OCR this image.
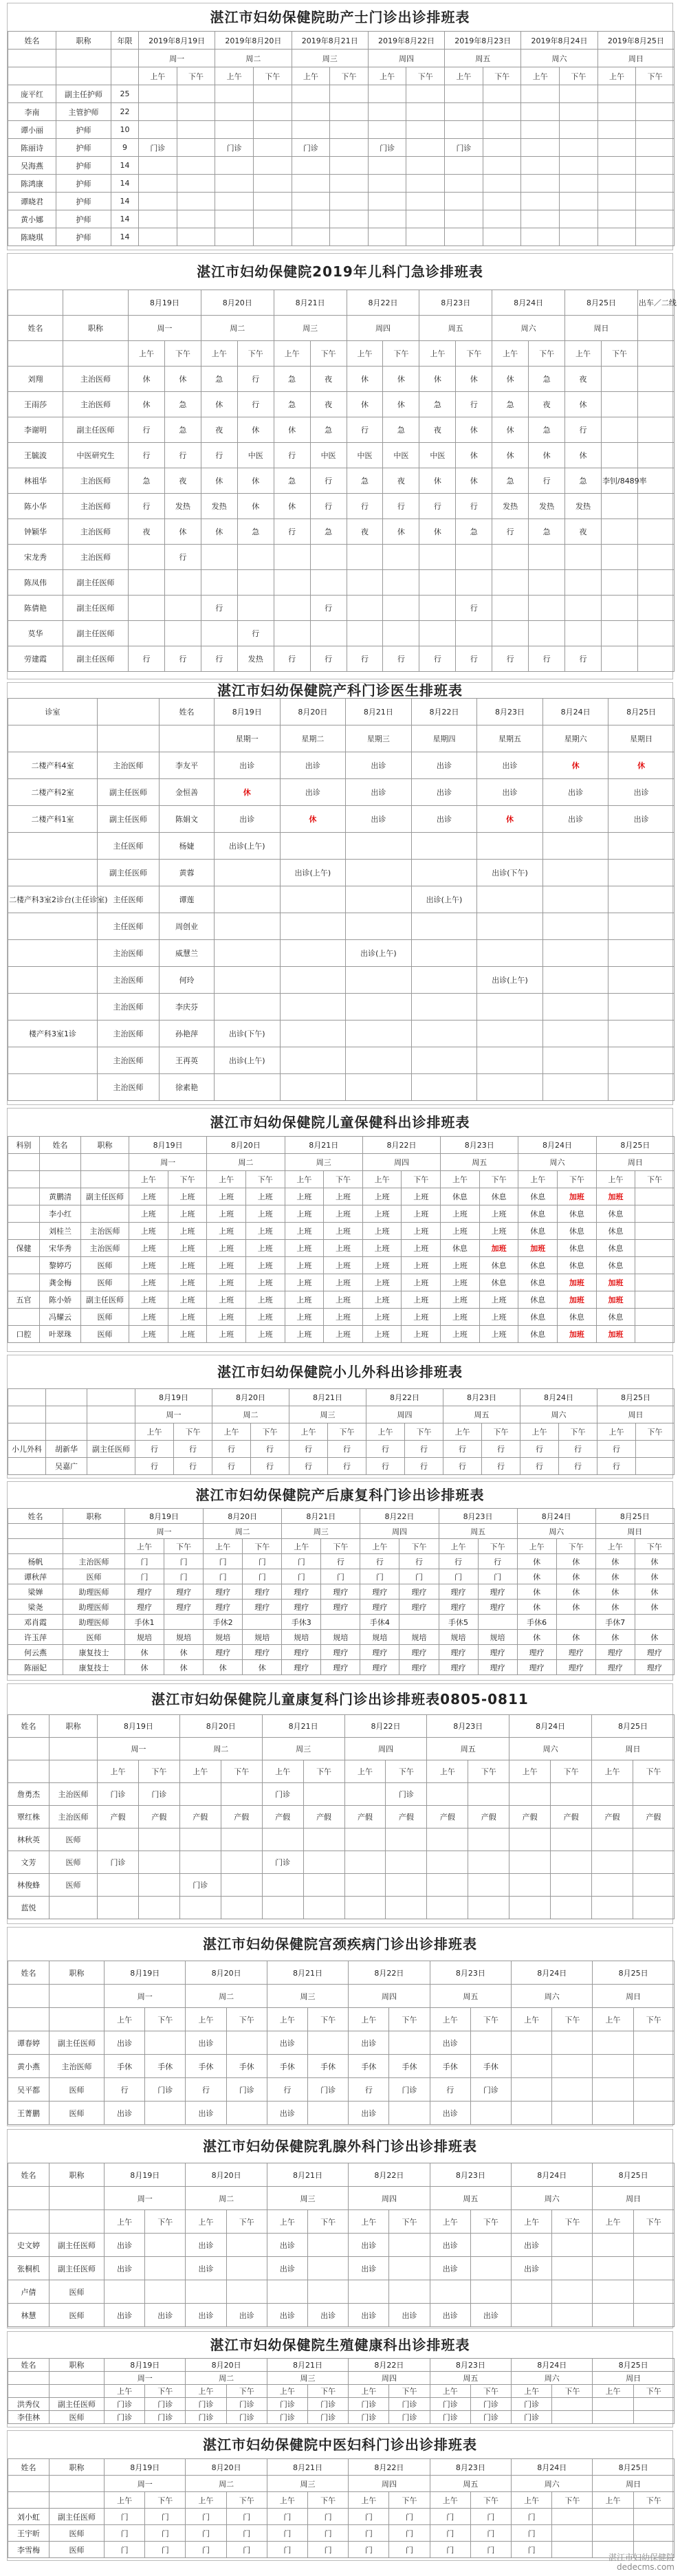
湛江市妇幼保健院助产士门诊出诊排班表
姓名	职称	年限	2019年8月19日		2019年8月20日		2019年8月21日		2019年8月22日		2019年8月23日		2019年8月24日		2019年8月25日	
			周一		周二		周三		周四		周五		周六		周日	
			上午	下午	上午	下午	上午	下午	上午	下午	上午	下午	上午	下午	上午	下午
庞平红	副主任护师	25														
李南	主管护师	22														
谭小丽	护师	10														
陈丽诗	护师	9	门诊		门诊		门诊		门诊		门诊					
吴海燕	护师	14														
陈鸿康	护师	14														
谭晓君	护师	14														
黄小娜	护师	14														
陈晓琪	护师	14														
湛江市妇幼保健院2019年儿科门急诊排班表
		8月19日		8月20日		8月21日		8月22日		8月23日		8月24日		8月25日		出车／二线
姓名	职称	周一		周二		周三		周四		周五		周六		周日		
		上午	下午	上午	下午	上午	下午	上午	下午	上午	下午	上午	下午	上午	下午	
刘翔	主治医师	休	休	急	行	急	夜	休	休	休	休	休	急	夜		
王雨莎	主治医师	休	急	休	行	急	夜	休	休	急	行	急	夜	休		
李谢明	副主任医师	行	急	夜	休	休	急	行	急	夜	休	休	急	行		
王毓波	中医研究生	行	行	行	中医	行	中医	中医	中医	中医	休	休	休	休		
林祖华	主治医师	急	夜	休	休	急	行	急	夜	休	休	急	行	急	李钊/8489率	
陈小华	主治医师	行	发热	发热	休	休	行	行	行	行	行	发热	发热	发热		
钟颖华	主治医师	夜	休	休	急	行	急	夜	休	休	急	行	急	夜		
宋龙秀	主治医师		行													
陈凤伟	副主任医师															
陈倩艳	副主任医师			行			行				行					
莫华	副主任医师				行											
劳建霞	副主任医师	行	行	行	发热	行	行	行	行	行	行	行	行	行		
湛江市妇幼保健院产科门诊医生排班表
诊室		姓名	8月19日	8月20日	8月21日	8月22日	8月23日	8月24日	8月25日
			星期一	星期二	星期三	星期四	星期五	星期六	星期日
二楼产科4室	主治医师	李友平	出诊	出诊	出诊	出诊	出诊	休	休
二楼产科2室	副主任医师	金恒善	休	出诊	出诊	出诊	出诊	出诊	出诊
二楼产科1室	副主任医师	陈娟文	出诊	休	出诊	出诊	休	出诊	出诊
	主任医师	杨婕	出诊(上午)						
	副主任医师	黄蓉		出诊(上午)			出诊(下午)		
二楼产科3室2诊台(主任诊室)	主任医师	谭莲				出诊(上午)			
	主任医师	周创业							
	主治医师	威慧兰			出诊(上午)				
	主治医师	何玲					出诊(上午)		
	主治医师	李庆芬							
楼产科3室1诊	主治医师	孙艳萍	出诊(下午)						
	主治医师	王再英	出诊(上午)						
	主治医师	徐素艳							
湛江市妇幼保健院儿童保健科出诊排班表
科别	姓名	职称	8月19日		8月20日		8月21日		8月22日		8月23日		8月24日		8月25日	
			周一		周二		周三		周四		周五		周六		周日	
			上午	下午	上午	下午	上午	下午	上午	下午	上午	下午	上午	下午	上午	下午
	黄鹏清	副主任医师	上班	上班	上班	上班	上班	上班	上班	上班	休息	休息	休息	加班	加班	
	李小红		上班	上班	上班	上班	上班	上班	上班	上班	上班	上班	休息	休息	休息	
	刘桂兰	主治医师	上班	上班	上班	上班	上班	上班	上班	上班	上班	上班	休息	休息	休息	
保健	宋华秀	主治医师	上班	上班	上班	上班	上班	上班	上班	上班	休息	加班	加班	休息	休息	
	黎婷巧	医师	上班	上班	上班	上班	上班	上班	上班	上班	上班	休息	休息	休息	休息	
	龚金梅	医师	上班	上班	上班	上班	上班	上班	上班	上班	上班	休息	休息	加班	加班	
五官	陈小娇	副主任医师	上班	上班	上班	上班	上班	上班	上班	上班	上班	上班	休息	加班	加班	
	冯耀云	医师	上班	上班	上班	上班	上班	上班	上班	上班	上班	上班	休息	休息	休息	
口腔	叶翠珠	医师	上班	上班	上班	上班	上班	上班	上班	上班	上班	上班	休息	加班	加班	
湛江市妇幼保健院小儿外科出诊排班表
			8月19日		8月20日		8月21日		8月22日		8月23日		8月24日		8月25日	
			周一		周二		周三		周四		周五		周六		周日	
			上午	下午	上午	下午	上午	下午	上午	下午	上午	下午	上午	下午	上午	下午
小儿外科	胡新华	副主任医师	行	行	行	行	行	行	行	行	行	行	行	行	行	
	吴嘉广		行	行	行	行	行	行	行	行	行	行	行	行	行	
湛江市妇幼保健院产后康复科门诊出诊排班表
姓名	职称	8月19日		8月20日		8月21日		8月22日		8月23日		8月24日		8月25日	
		周一		周二		周三		周四		周五		周六		周日	
		上午	下午	上午	下午	上午	下午	上午	下午	上午	下午	上午	下午	上午	下午
杨帆	主治医师	门	门	门	门	门	行	行	行	行	行	休	休	休	休
谭秋萍	医师	门	门	门	门	门	门	门	门	门	门	休	休	休	休
梁婵	助理医师	理疗	理疗	理疗	理疗	理疗	理疗	理疗	理疗	理疗	理疗	休	休	休	休
梁尧	助理医师	理疗	理疗	理疗	理疗	理疗	理疗	理疗	理疗	理疗	理疗	休	休	休	休
邓肖霞	助理医师	手休1		手休2		手休3		手休4		手休5		手休6		手休7	
许玉萍	医师	规培	规培	规培	规培	规培	规培	规培	规培	规培	规培	休	休	休	休
何云燕	康复技士	休	休	理疗	理疗	理疗	理疗	理疗	理疗	理疗	理疗	理疗	理疗	理疗	理疗
陈丽妃	康复技士	休	休	休	休	理疗	理疗	理疗	理疗	理疗	理疗	理疗	理疗	理疗	理疗
湛江市妇幼保健院儿童康复科门诊出诊排班表0805-0811
姓名	职称	8月19日		8月20日		8月21日		8月22日		8月23日		8月24日		8月25日	
		周一		周二		周三		周四		周五		周六		周日	
		上午	下午	上午	下午	上午	下午	上午	下午	上午	下午	上午	下午	上午	下午
詹勇杰	主治医师	门诊	门诊			门诊			门诊						
覃红株	主治医师	产假	产假	产假	产假	产假	产假	产假	产假	产假	产假	产假	产假	产假	产假
林秋英	医师														
文芳	医师	门诊				门诊									
林俊蜂	医师			门诊											
蓝悦															
湛江市妇幼保健院宫颈疾病门诊出诊排班表
姓名	职称	8月19日		8月20日		8月21日		8月22日		8月23日		8月24日		8月25日	
		周一		周二		周三		周四		周五		周六		周日	
		上午	下午	上午	下午	上午	下午	上午	下午	上午	下午	上午	下午	上午	下午
谭春婷	副主任医师	出诊		出诊		出诊		出诊		出诊					
黄小燕	主治医师	手休	手休	手休	手休	手休	手休	手休	手休	手休	手休				
吴平都	医师	行	门诊	行	门诊	行	门诊	行	门诊	行	门诊				
王菁鹏	医师	出诊		出诊		出诊		出诊		出诊					
湛江市妇幼保健院乳腺外科门诊出诊排班表
姓名	职称	8月19日		8月20日		8月21日		8月22日		8月23日		8月24日		8月25日	
		周一		周二		周三		周四		周五		周六		周日	
		上午	下午	上午	下午	上午	下午	上午	下午	上午	下午	上午	下午	上午	下午
史文婷	副主任医师	出诊		出诊		出诊		出诊		出诊		出诊			
张桐机	副主任医师	出诊		出诊		出诊		出诊		出诊		出诊			
卢倩	医师														
林慧	医师	出诊	出诊	出诊	出诊	出诊	出诊	出诊	出诊	出诊	出诊				
湛江市妇幼保健院生殖健康科出诊排班表
姓名	职称	8月19日		8月20日		8月21日		8月22日		8月23日		8月24日		8月25日	
		周一		周二		周三		周四		周五		周六		周日	
		上午	下午	上午	下午	上午	下午	上午	下午	上午	下午	上午	下午	上午	下午
洪秀仪	副主任医师	门诊	门诊	门诊	门诊	门诊	门诊	门诊	门诊	门诊	门诊	门诊			
李佳林	医师	门诊	门诊	门诊	门诊	门诊	门诊	门诊	门诊	门诊	门诊	门诊			
湛江市妇幼保健院中医妇科门诊出诊排班表
姓名	职称	8月19日		8月20日		8月21日		8月22日		8月23日		8月24日		8月25日	
		周一		周二		周三		周四		周五		周六		周日	
		上午	下午	上午	下午	上午	下午	上午	下午	上午	下午	上午	下午	上午	下午
刘小虹	副主任医师	门	门	门	门	门	门	门	门	门	门	门			
王宇昕	医师	门	门	门	门	门	门	门	门	门	门	门			
李雪梅	医师	门	门	门	门	门	门	门	门	门	门	门			
湛江市妇幼保健院
dedecms.com
